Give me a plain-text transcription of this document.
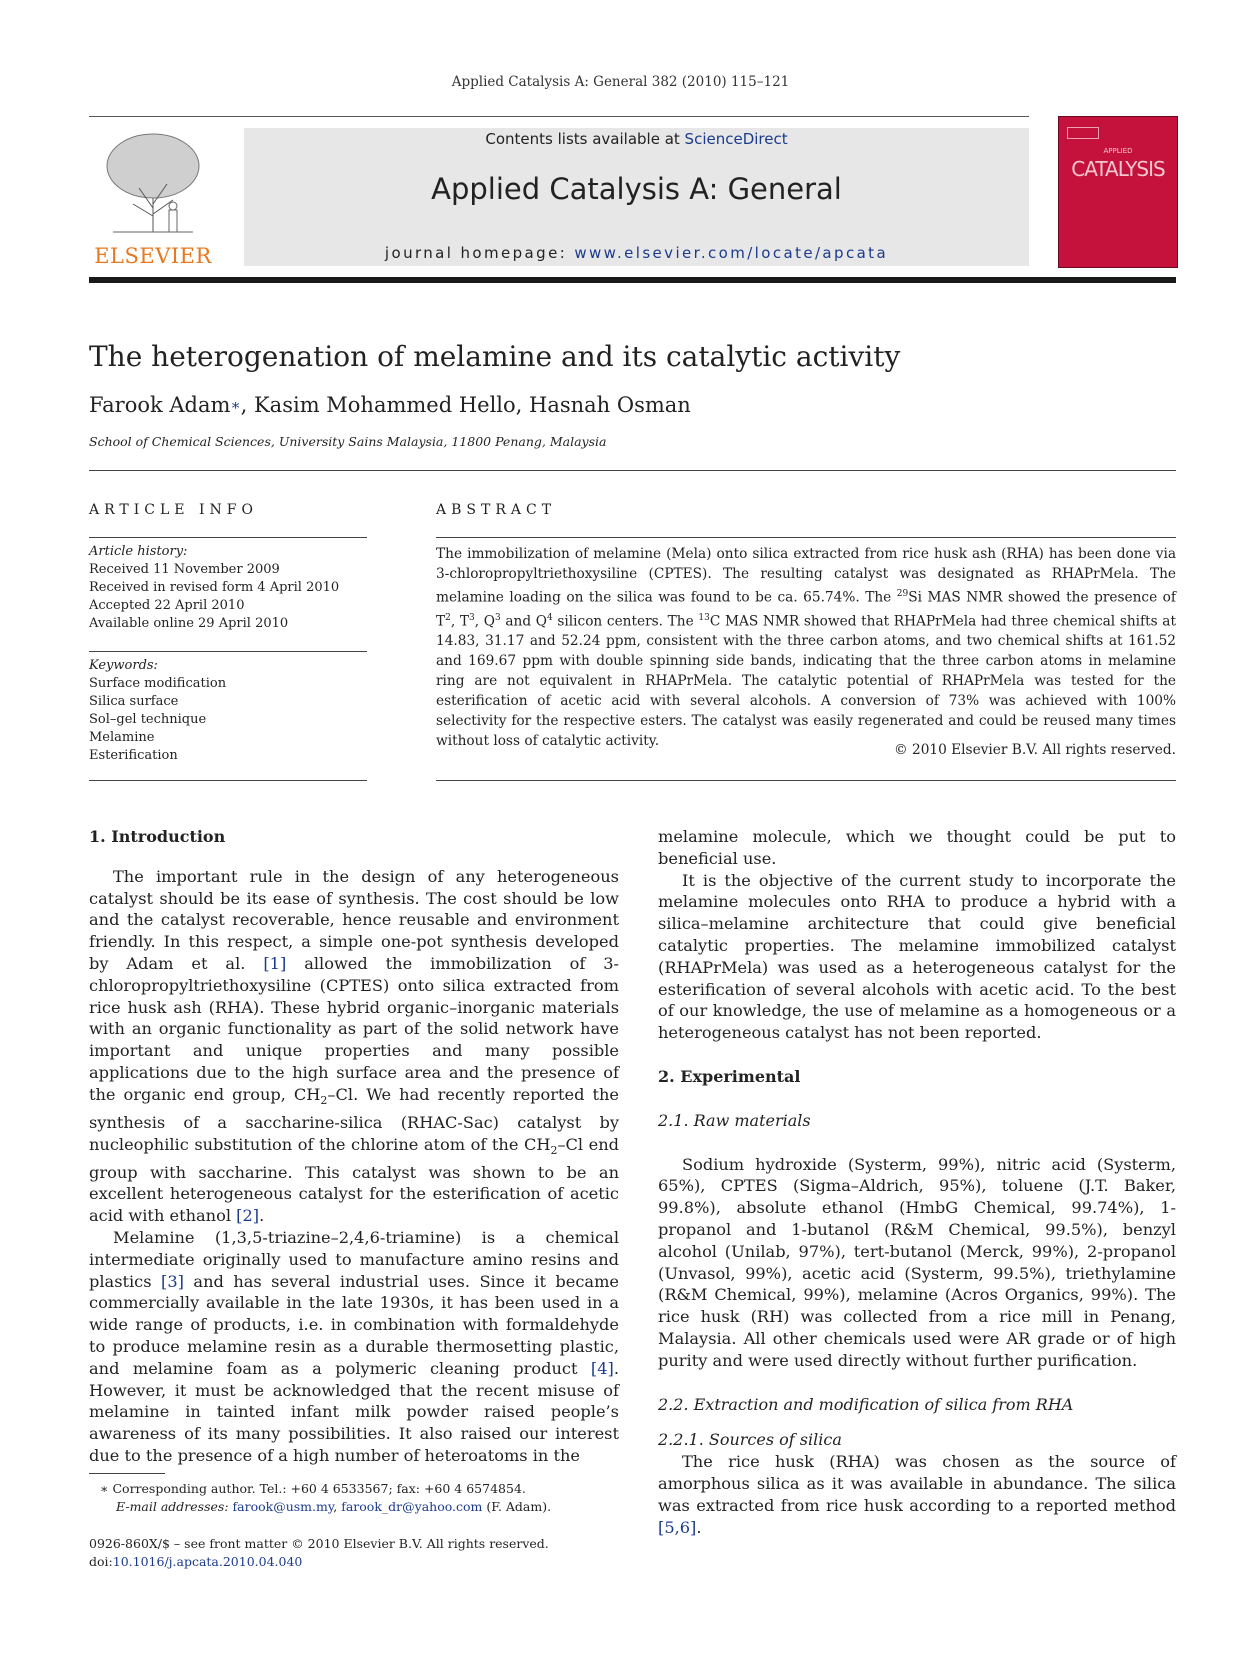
Applied Catalysis A: General 382 (2010) 115–121
ELSEVIER
Contents lists available at ScienceDirect
Applied Catalysis A: General
journal homepage: www.elsevier.com/locate/apcata
APPLIED
CATALYSIS
The heterogenation of melamine and its catalytic activity
Farook Adam∗, Kasim Mohammed Hello, Hasnah Osman
School of Chemical Sciences, University Sains Malaysia, 11800 Penang, Malaysia
ARTICLE INFO
Article history:
Received 11 November 2009
Received in revised form 4 April 2010
Accepted 22 April 2010
Available online 29 April 2010
Keywords:
Surface modification
Silica surface
Sol–gel technique
Melamine
Esterification
ABSTRACT
The immobilization of melamine (Mela) onto silica extracted from rice husk ash (RHA) has been done via 3-chloropropyltriethoxysiline (CPTES). The resulting catalyst was designated as RHAPrMela. The melamine loading on the silica was found to be ca. 65.74%. The $^{29}$Si MAS NMR showed the presence of $T^2$, $T^3$, $Q^3$ and $Q^4$ silicon centers. The $^{13}$C MAS NMR showed that RHAPrMela had three chemical shifts at 14.83, 31.17 and 52.24 ppm, consistent with the three carbon atoms, and two chemical shifts at 161.52 and 169.67 ppm with double spinning side bands, indicating that the three carbon atoms in melamine ring are not equivalent in RHAPrMela. The catalytic potential of RHAPrMela was tested for the esterification of acetic acid with several alcohols. A conversion of 73% was achieved with 100% selectivity for the respective esters. The catalyst was easily regenerated and could be reused many times without loss of catalytic activity.
© 2010 Elsevier B.V. All rights reserved.
1. Introduction

The important rule in the design of any heterogeneous catalyst should be its ease of synthesis. The cost should be low and the catalyst recoverable, hence reusable and environment friendly. In this respect, a simple one-pot synthesis developed by Adam et al. [1] allowed the immobilization of 3-chloropropyltriethoxysiline (CPTES) onto silica extracted from rice husk ash (RHA). These hybrid organic–inorganic materials with an organic functionality as part of the solid network have important and unique properties and many possible applications due to the high surface area and the presence of the organic end group, $CH_2-Cl$. We had recently reported the synthesis of a saccharine-silica (RHAC-Sac) catalyst by nucleophilic substitution of the chlorine atom of the $CH_2-Cl$ end group with saccharine. This catalyst was shown to be an excellent heterogeneous catalyst for the esterification of acetic acid with ethanol [2].

Melamine (1,3,5-triazine–2,4,6-triamine) is a chemical intermediate originally used to manufacture amino resins and plastics [3] and has several industrial uses. Since it became commercially available in the late 1930s, it has been used in a wide range of products, i.e. in combination with formaldehyde to produce melamine resin as a durable thermosetting plastic, and melamine foam as a polymeric cleaning product [4]. However, it must be acknowledged that the recent misuse of melamine in tainted infant milk powder raised people’s awareness of its many possibilities. It also raised our interest due to the presence of a high number of heteroatoms in the

melamine molecule, which we thought could be put to beneficial use.

It is the objective of the current study to incorporate the melamine molecules onto RHA to produce a hybrid with a silica–melamine architecture that could give beneficial catalytic properties. The melamine immobilized catalyst (RHAPrMela) was used as a heterogeneous catalyst for the esterification of several alcohols with acetic acid. To the best of our knowledge, the use of melamine as a homogeneous or a heterogeneous catalyst has not been reported.

2. Experimental
2.1. Raw materials

Sodium hydroxide (Systerm, 99%), nitric acid (Systerm, 65%), CPTES (Sigma–Aldrich, 95%), toluene (J.T. Baker, 99.8%), absolute ethanol (HmbG Chemical, 99.74%), 1-propanol and 1-butanol (R&M Chemical, 99.5%), benzyl alcohol (Unilab, 97%), tert-butanol (Merck, 99%), 2-propanol (Unvasol, 99%), acetic acid (Systerm, 99.5%), triethylamine (R&M Chemical, 99%), melamine (Acros Organics, 99%). The rice husk (RH) was collected from a rice mill in Penang, Malaysia. All other chemicals used were AR grade or of high purity and were used directly without further purification.

2.2. Extraction and modification of silica from RHA
2.2.1. Sources of silica

The rice husk (RHA) was chosen as the source of amorphous silica as it was available in abundance. The silica was extracted from rice husk according to a reported method [5,6].

∗ Corresponding author. Tel.: +60 4 6533567; fax: +60 4 6574854.
E-mail addresses: farook@usm.my, farook_dr@yahoo.com (F. Adam).
0926-860X/$ – see front matter © 2010 Elsevier B.V. All rights reserved.
doi:10.1016/j.apcata.2010.04.040
